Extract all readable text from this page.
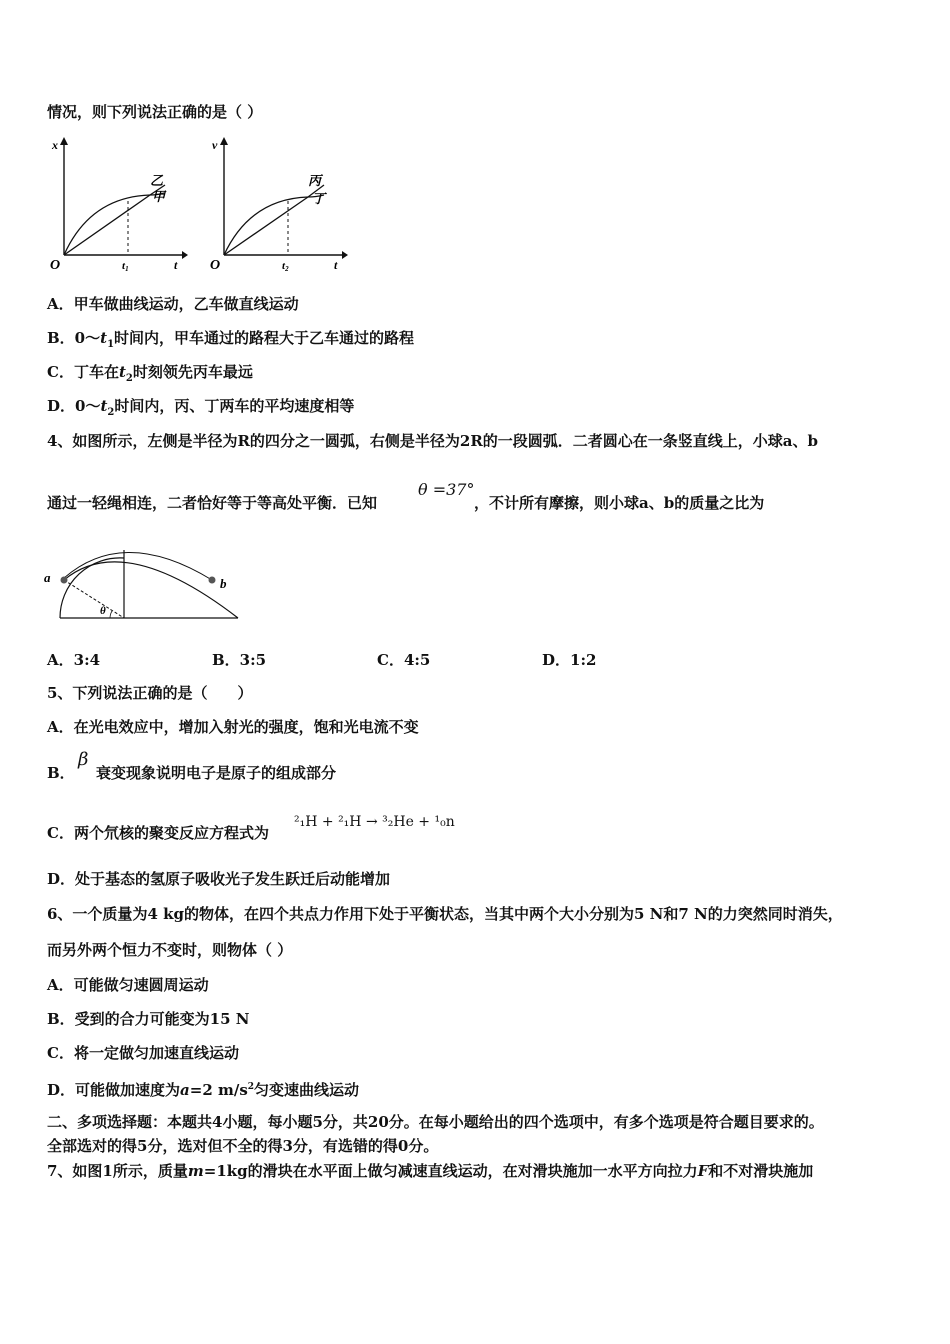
情况，则下列说法正确的是（ ）
x
O	t
t1
乙
甲
v
O	t
t2
丙
丁
A．甲车做曲线运动，乙车做直线运动
B．$0\sim t_1$时间内，甲车通过的路程大于乙车通过的路程
C．丁车在$t_2$时刻领先丙车最远
D．$0\sim t_2$时间内，丙、丁两车的平均速度相等
4、如图所示，左侧是半径为R的四分之一圆弧，右侧是半径为2R的一段圆弧．二者圆心在一条竖直线上，小球a、b
通过一轻绳相连，二者恰好等于等高处平衡．已知
θ =37°
，不计所有摩擦，则小球a、b的质量之比为
a	b
θ
A．3:4	B．3:5	C．4:5	D．1:2
5、下列说法正确的是（　　）
A．在光电效应中，增加入射光的强度，饱和光电流不变
B．
β
衰变现象说明电子是原子的组成部分
C．两个氘核的聚变反应方程式为
²₁H + ²₁H → ³₂He + ¹₀n
D．处于基态的氢原子吸收光子发生跃迁后动能增加
6、一个质量为4 kg的物体，在四个共点力作用下处于平衡状态，当其中两个大小分别为5 N和7 N的力突然同时消失，
而另外两个恒力不变时，则物体（ ）
A．可能做匀速圆周运动
B．受到的合力可能变为15 N
C．将一定做匀加速直线运动
D．可能做加速度为a=2 $m/s^2$匀变速曲线运动
二、多项选择题：本题共4小题，每小题5分，共20分。在每小题给出的四个选项中，有多个选项是符合题目要求的。
全部选对的得5分，选对但不全的得3分，有选错的得0分。
7、如图1所示，质量m=1kg的滑块在水平面上做匀减速直线运动，在对滑块施加一水平方向拉力F和不对滑块施加
